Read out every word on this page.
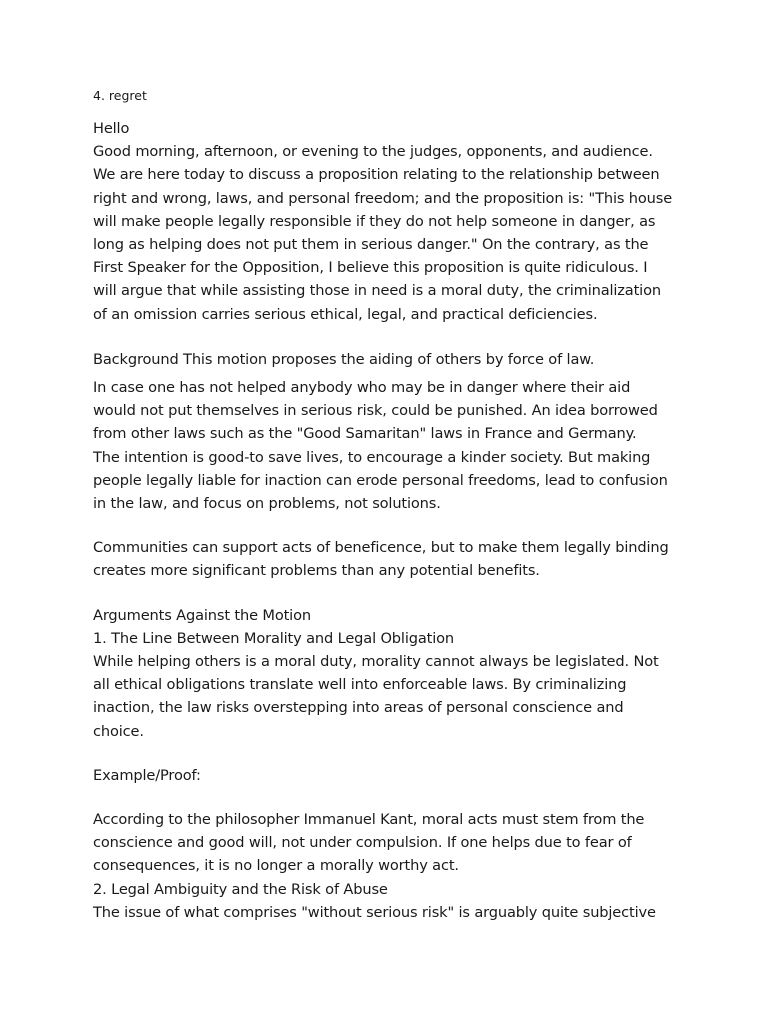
4. regret
Hello
Good morning, afternoon, or evening to the judges, opponents, and audience.
We are here today to discuss a proposition relating to the relationship between
right and wrong, laws, and personal freedom; and the proposition is: "This house
will make people legally responsible if they do not help someone in danger, as
long as helping does not put them in serious danger." On the contrary, as the
First Speaker for the Opposition, I believe this proposition is quite ridiculous. I
will argue that while assisting those in need is a moral duty, the criminalization
of an omission carries serious ethical, legal, and practical deficiencies.
Background This motion proposes the aiding of others by force of law.
In case one has not helped anybody who may be in danger where their aid
would not put themselves in serious risk, could be punished. An idea borrowed
from other laws such as the "Good Samaritan" laws in France and Germany.
The intention is good-to save lives, to encourage a kinder society. But making
people legally liable for inaction can erode personal freedoms, lead to confusion
in the law, and focus on problems, not solutions.
Communities can support acts of beneficence, but to make them legally binding
creates more significant problems than any potential benefits.
Arguments Against the Motion
1. The Line Between Morality and Legal Obligation
While helping others is a moral duty, morality cannot always be legislated. Not
all ethical obligations translate well into enforceable laws. By criminalizing
inaction, the law risks overstepping into areas of personal conscience and
choice.
Example/Proof:
According to the philosopher Immanuel Kant, moral acts must stem from the
conscience and good will, not under compulsion. If one helps due to fear of
consequences, it is no longer a morally worthy act.
2. Legal Ambiguity and the Risk of Abuse
The issue of what comprises "without serious risk" is arguably quite subjective
